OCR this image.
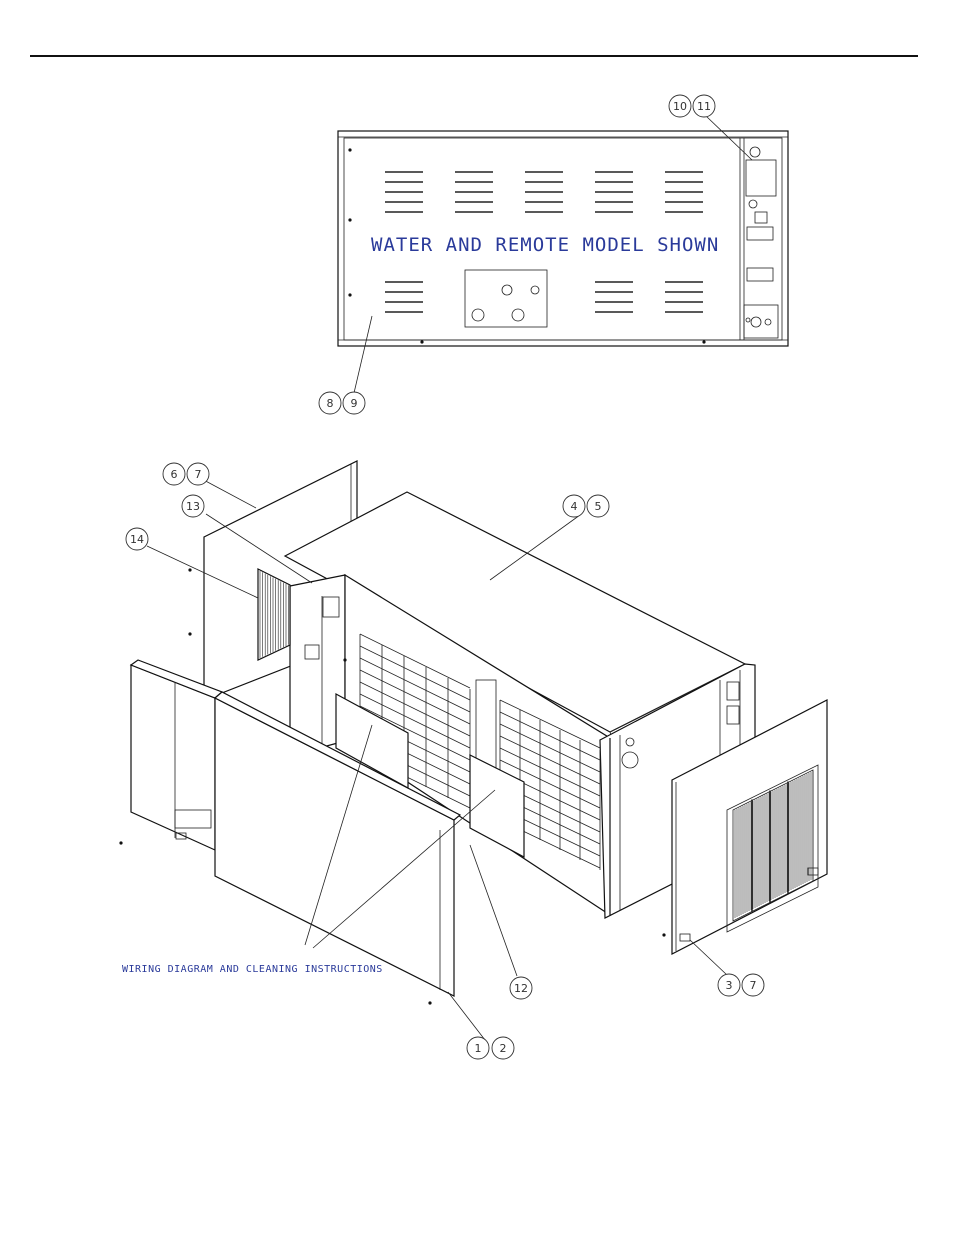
WATER AND REMOTE MODEL SHOWN
WIRING DIAGRAM AND CLEANING INSTRUCTIONS
10 11
8 9
6 7
13
14
4 5
3 7
12
1 2
